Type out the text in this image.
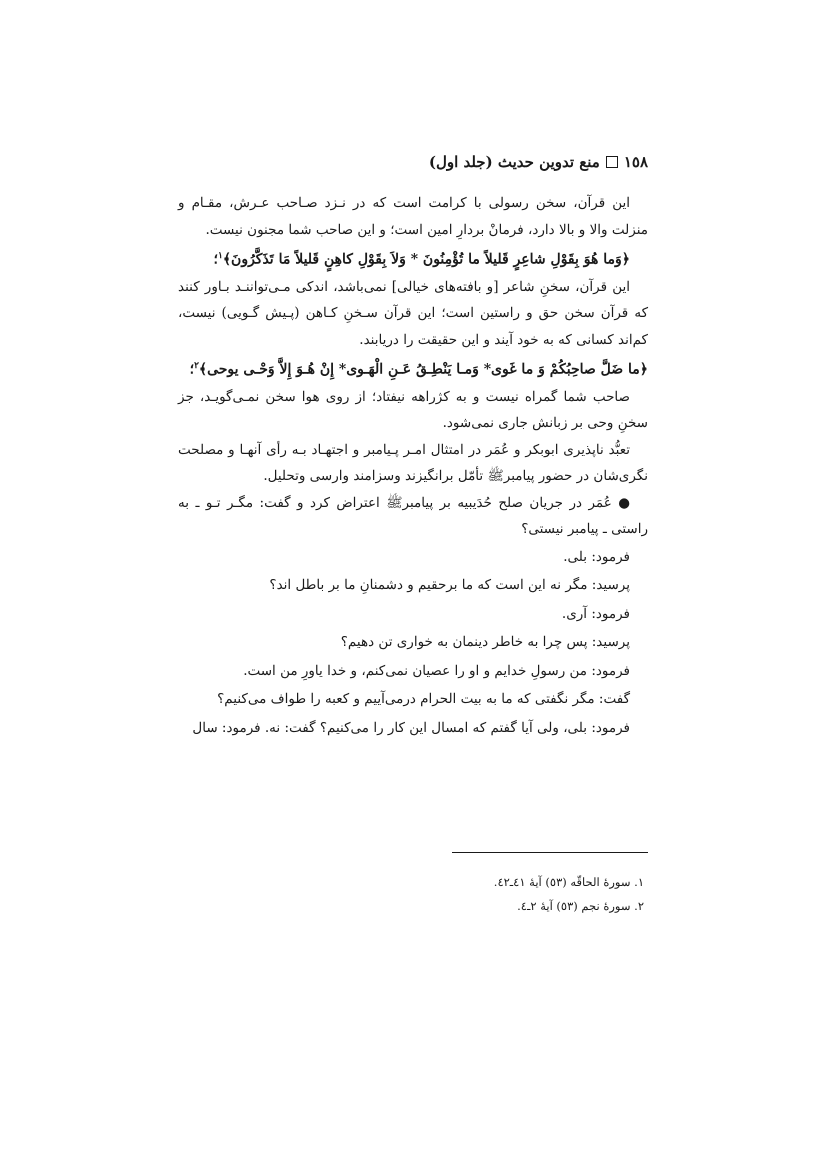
١٥٨
منع تدوين حديث (جلد اول)

اين قرآن، سخن رسولى با كرامت است كه در نـزد صـاحب عـرش، مقـام و منزلت والا و بالا دارد، فرمانْ بردارِ امين است؛ و اين صاحب شما مجنون نيست.

﴿وَما هُوَ بِقَوْلِ شاعِرٍ قَليلاً ما تُؤْمِنُونَ * وَلاَ بِقَوْلِ كاهِنٍ قَليلاً مَا تَذَكَّرُونَ﴾$^١$؛

اين قرآن، سخنِ شاعر [و بافته‌هاى خيالى] نمى‌باشد، اندكى مـى‌تواننـد بـاور كنند كه قرآن سخن حق و راستين است؛ اين قرآن سـخنِ كـاهن (پـيش گـويى) نيست، كم‌اند كسانى كه به خود آيند و اين حقيقت را دريابند.

﴿ما ضَلَّ صاحِبُكُمْ وَ ما غَوى* وَمـا يَنْطِـقُ عَـنِ الْهَـوى* إِنْ هُـوَ إِلاَّ وَحْـى يوحى﴾$^٢$؛

صاحب شما گمراه نيست و به كژراهه نيفتاد؛ از روى هوا سخن نمـى‌گويـد، جز سخنِ وحى بر زبانش جارى نمى‌شود.

تعبُّد ناپذيرى ابوبكر و عُمَر در امتثال امـر پـيامبر و اجتهـاد بـه رأى آنهـا و مصلحت نگرى‌شان در حضور پيامبرﷺ تأمّل برانگيزند وسزامند وارسى وتحليل.

● عُمَر در جريان صلح حُدَيبيه بر پيامبرﷺ اعتراض كرد و گفت: مگـر تـو ـ به راستى ـ پيامبر نيستى؟

فرمود: بلى.

پرسيد: مگر نه اين است كه ما برحقيم و دشمنانِ ما بر باطل اند؟

فرمود: آرى.

پرسيد: پس چرا به خاطر دينمان به خوارى تن دهيم؟

فرمود: من رسولِ خدايم و او را عصيان نمى‌كنم، و خدا ياورِ من است.

گفت: مگر نگفتى كه ما به بيت الحرام درمى‌آييم و كعبه را طواف مى‌كنيم؟

فرمود: بلى، ولى آيا گفتم كه امسال اين كار را مى‌كنيم؟ گفت: نه. فرمود: سال

١. سورهٔ الحاقّه (٥٣) آيهٔ ٤١ـ٤٢.

٢. سورهٔ نجم (٥٣) آيهٔ ٢ـ٤.
